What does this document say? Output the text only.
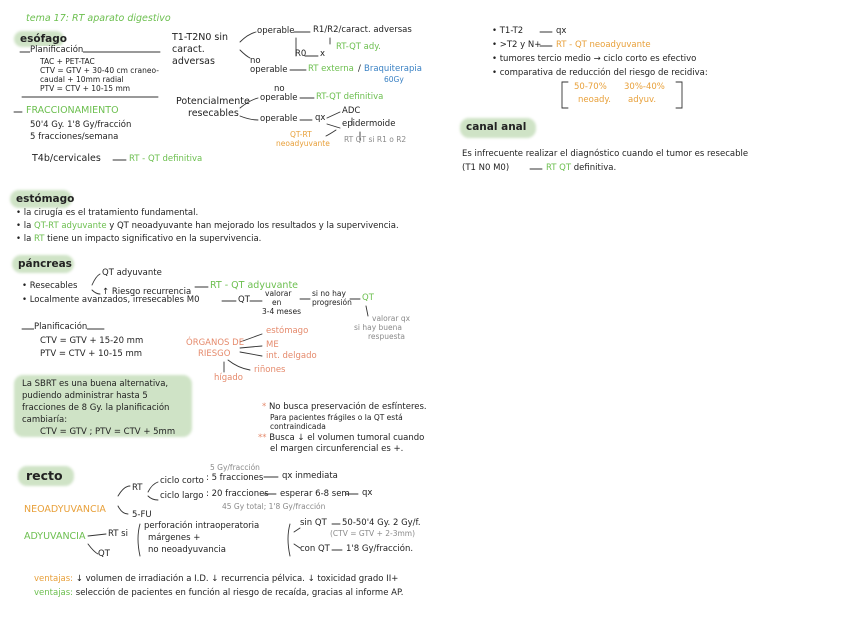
tema 17: RT aparato digestivo
esófago
Planificación
TAC + PET-TAC
CTV = GTV + 30-40 cm craneo-
caudal + 10mm radial
PTV = CTV + 10-15 mm
FRACCIONAMIENTO
50'4 Gy. 1'8 Gy/fracción
5 fracciones/semana
T4b/cervicales	RT - QT definitiva
T1-T2N0 sin
caract.
adversas
operable R1/R2/caract. adversas
R0 x
RT-QT ady.
no
operable RT externa / Braquiterapia
60Gy
Potencialmente
resecables
no
operable RT-QT definitiva
operable qx
ADC
epidermoide
QT-RT
neoadyuvante RT QT si R1 o R2
estómago
• la cirugía es el tratamiento fundamental.
• la QT-RT adyuvante y QT neoadyuvante han mejorado los resultados y la supervivencia.
• la RT tiene un impacto significativo en la supervivencia.
páncreas
• Resecables
QT adyuvante
↑ Riesgo recurrencia
RT - QT adyuvante
• Localmente avanzados, irresecables M0	QT
valorar
en
3-4 meses
si no hay
progresión QT
valorar qx
si hay buena
respuesta
Planificación
CTV = GTV + 15-20 mm
PTV = CTV + 10-15 mm
ÓRGANOS DE
RIESGO
estómago
ME
int. delgado
riñones
hígado
La SBRT es una buena alternativa,
pudiendo administrar hasta 5
fracciones de 8 Gy. la planificación
cambiaría:
CTV = GTV ; PTV = CTV + 5mm
* No busca preservación de esfínteres.
Para pacientes frágiles o la QT está
contraindicada
** Busca ↓ el volumen tumoral cuando
el margen circunferencial es +.
recto
NEOADYUVANCIA
RT
ciclo corto
5 Gy/fracción
: 5 fracciones qx inmediata
ciclo largo : 20 fracciones esperar 6-8 sem qx
45 Gy total; 1'8 Gy/fracción
5-FU
ADYUVANCIA	RT si
QT
perforación intraoperatoria
márgenes +
no neoadyuvancia
sin QT 50-50'4 Gy. 2 Gy/f.
(CTV = GTV + 2-3mm)
con QT 1'8 Gy/fracción.
ventajas: ↓ volumen de irradiación a I.D. ↓ recurrencia pélvica. ↓ toxicidad grado II+
ventajas: selección de pacientes en función al riesgo de recaída, gracias al informe AP.
• T1-T2	qx
• >T2 y N+ RT - QT neoadyuvante
• tumores tercio medio → ciclo corto es efectivo
• comparativa de reducción del riesgo de recidiva:
50-70%
neoady.
30%-40%
adyuv.
canal anal
Es infrecuente realizar el diagnóstico cuando el tumor es resecable
(T1 N0 M0)	RT QT definitiva.
